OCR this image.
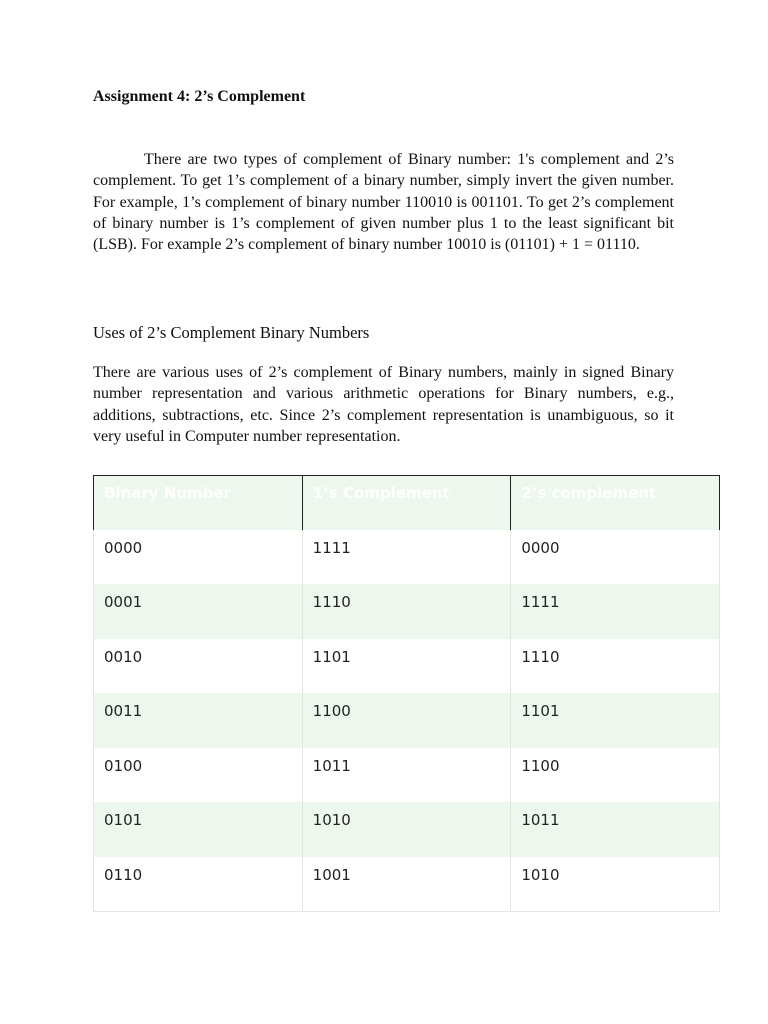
Assignment 4: 2’s Complement

There are two types of complement of Binary number: 1's complement and 2’s complement. To get 1’s complement of a binary number, simply invert the given number. For example, 1’s complement of binary number 110010 is 001101. To get 2’s complement of binary number is 1’s complement of given number plus 1 to the least significant bit (LSB). For example 2’s complement of binary number 10010 is (01101) + 1 = 01110.

Uses of 2’s Complement Binary Numbers

There are various uses of 2’s complement of Binary numbers, mainly in signed Binary number representation and various arithmetic operations for Binary numbers, e.g., additions, subtractions, etc. Since 2’s complement representation is unambiguous, so it very useful in Computer number representation.

Binary Number	1’s Complement	2’s complement
0000	1111	0000
0001	1110	1111
0010	1101	1110
0011	1100	1101
0100	1011	1100
0101	1010	1011
0110	1001	1010
